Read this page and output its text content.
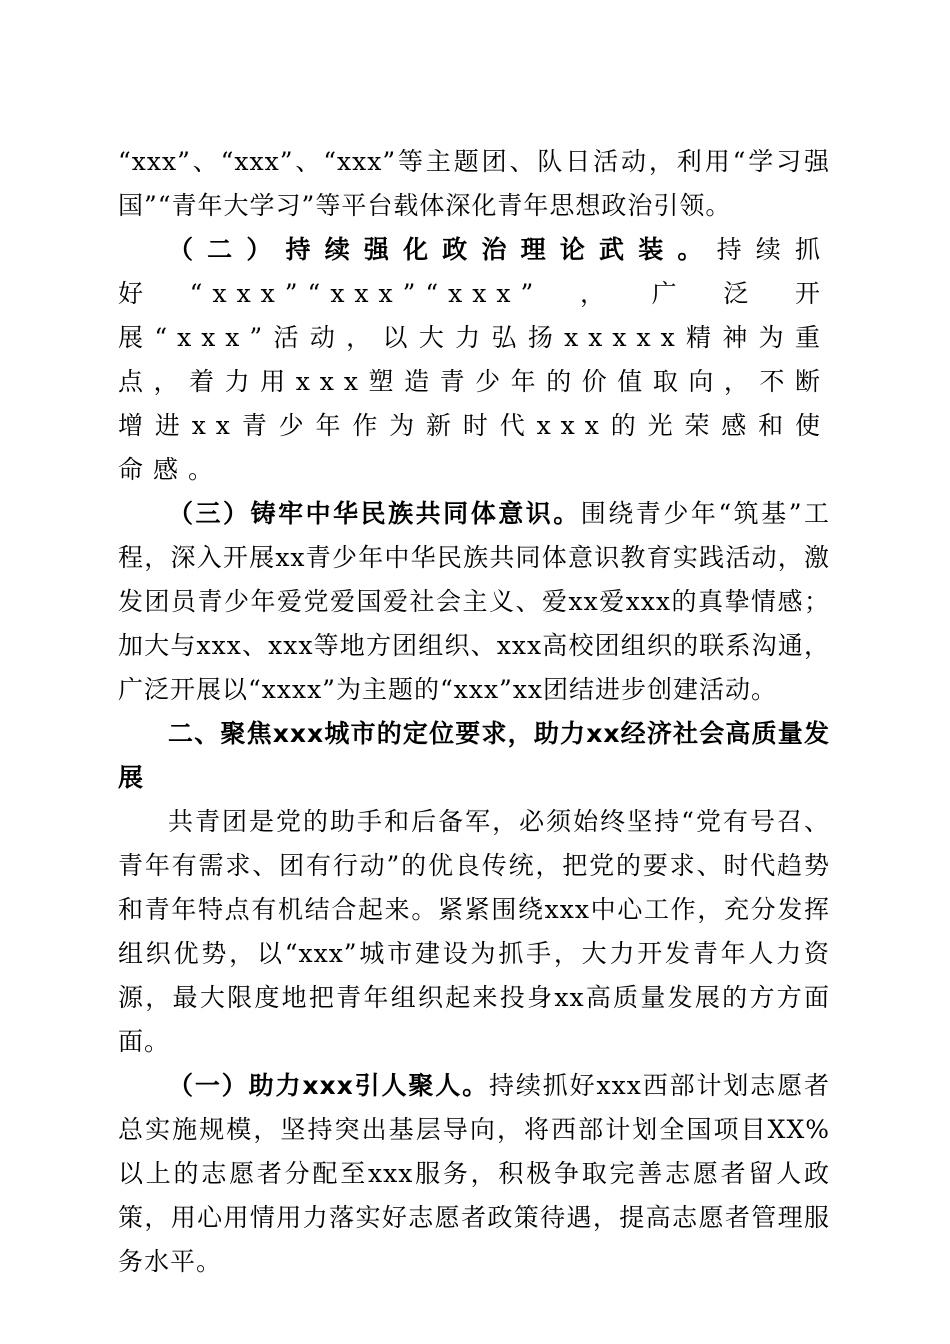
“xxx”、“xxx”、“xxx”等主题团、队日活动，利用“学习强国”“青年大学习”等平台载体深化青年思想政治引领。

（二）持续强化政治理论武装。持续抓好“xxx”“xxx”“xxx”，广泛开展“xxx”活动，以大力弘扬xxxxx精神为重点，着力用xxx塑造青少年的价值取向，不断增进xx青少年作为新时代xxx的光荣感和使命感。

（三）铸牢中华民族共同体意识。围绕青少年“筑基”工程，深入开展xx青少年中华民族共同体意识教育实践活动，激发团员青少年爱党爱国爱社会主义、爱xx爱xxx的真挚情感；加大与xxx、xxx等地方团组织、xxx高校团组织的联系沟通，广泛开展以“xxxx”为主题的“xxx”xx团结进步创建活动。

二、聚焦xxx城市的定位要求，助力xx经济社会高质量发展

共青团是党的助手和后备军，必须始终坚持“党有号召、青年有需求、团有行动”的优良传统，把党的要求、时代趋势和青年特点有机结合起来。紧紧围绕xxx中心工作，充分发挥组织优势，以“xxx”城市建设为抓手，大力开发青年人力资源，最大限度地把青年组织起来投身xx高质量发展的方方面面。

（一）助力xxx引人聚人。持续抓好xxx西部计划志愿者总实施规模，坚持突出基层导向，将西部计划全国项目XX%以上的志愿者分配至xxx服务，积极争取完善志愿者留人政策，用心用情用力落实好志愿者政策待遇，提高志愿者管理服务水平。
